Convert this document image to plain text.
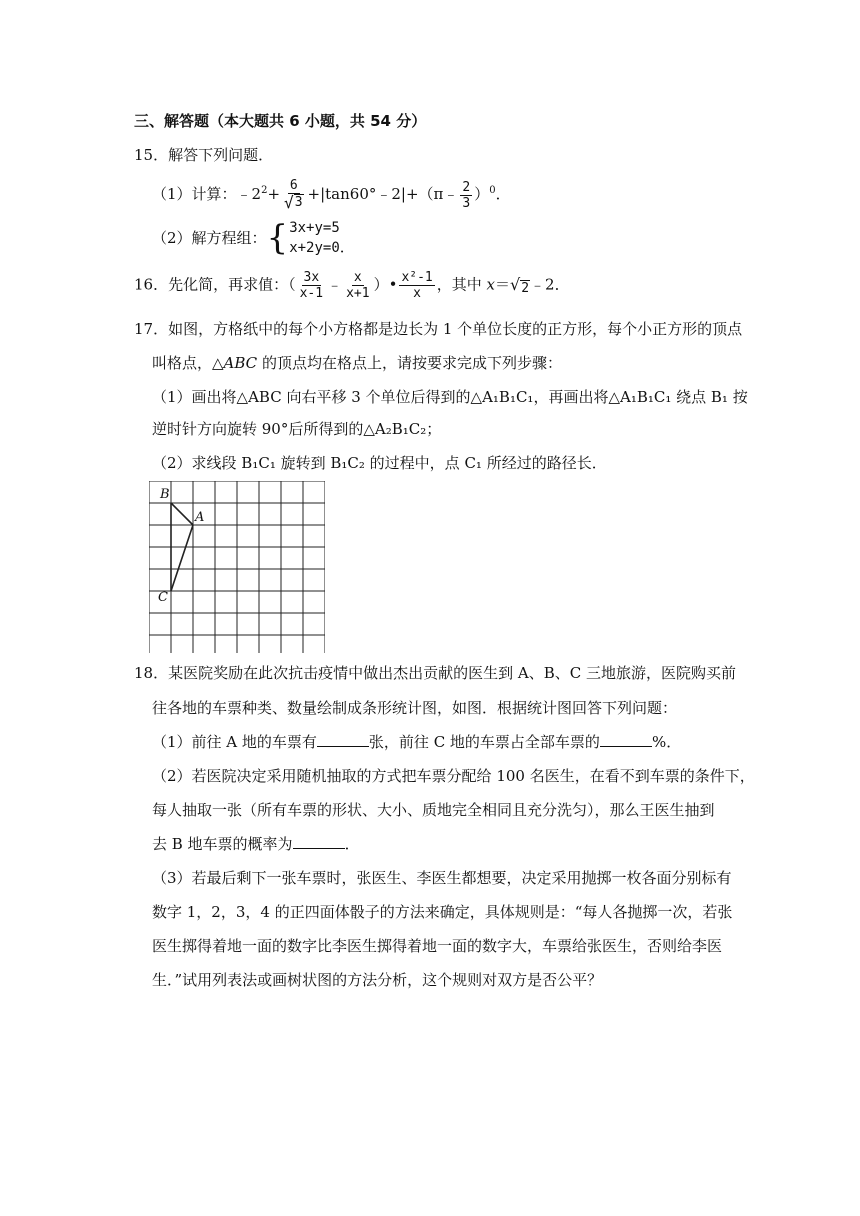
三、解答题（本大题共 6 小题，共 54 分）
15．解答下列问题．
（1）计算：$﹣2^2+ \frac{6}{√ 3}$ +|tan60°﹣2|+（π﹣ $\frac{2}{3} )^0$．
（2）解方程组： { 3x+y=5
x+2y=0 ．
16．先化简，再求值：（ $\frac{3x}{x-1}$ ﹣ $\frac{x}{x+1}$ ）• $\frac{\text{x²-1}}{x}$ ，其中 x＝ √ 2 ﹣2．
17．如图，方格纸中的每个小方格都是边长为 1 个单位长度的正方形，每个小正方形的顶点
叫格点，△ABC 的顶点均在格点上，请按要求完成下列步骤：
（1）画出将△ABC 向右平移 3 个单位后得到的△A₁B₁C₁，再画出将△A₁B₁C₁ 绕点 B₁ 按
逆时针方向旋转 90°后所得到的△A₂B₁C₂；
（2）求线段 B₁C₁ 旋转到 B₁C₂ 的过程中，点 C₁ 所经过的路径长．
B
A
C
18．某医院奖励在此次抗击疫情中做出杰出贡献的医生到 A、B、C 三地旅游，医院购买前
往各地的车票种类、数量绘制成条形统计图，如图．根据统计图回答下列问题：
（1）前往 A 地的车票有	张，前往 C 地的车票占全部车票的	%．
（2）若医院决定采用随机抽取的方式把车票分配给 100 名医生，在看不到车票的条件下，
每人抽取一张（所有车票的形状、大小、质地完全相同且充分洗匀），那么王医生抽到
去 B 地车票的概率为	．
（3）若最后剩下一张车票时，张医生、李医生都想要，决定采用抛掷一枚各面分别标有
数字 1，2，3，4 的正四面体骰子的方法来确定，具体规则是：“每人各抛掷一次，若张
医生掷得着地一面的数字比李医生掷得着地一面的数字大，车票给张医生，否则给李医
生．”试用列表法或画树状图的方法分析，这个规则对双方是否公平？
